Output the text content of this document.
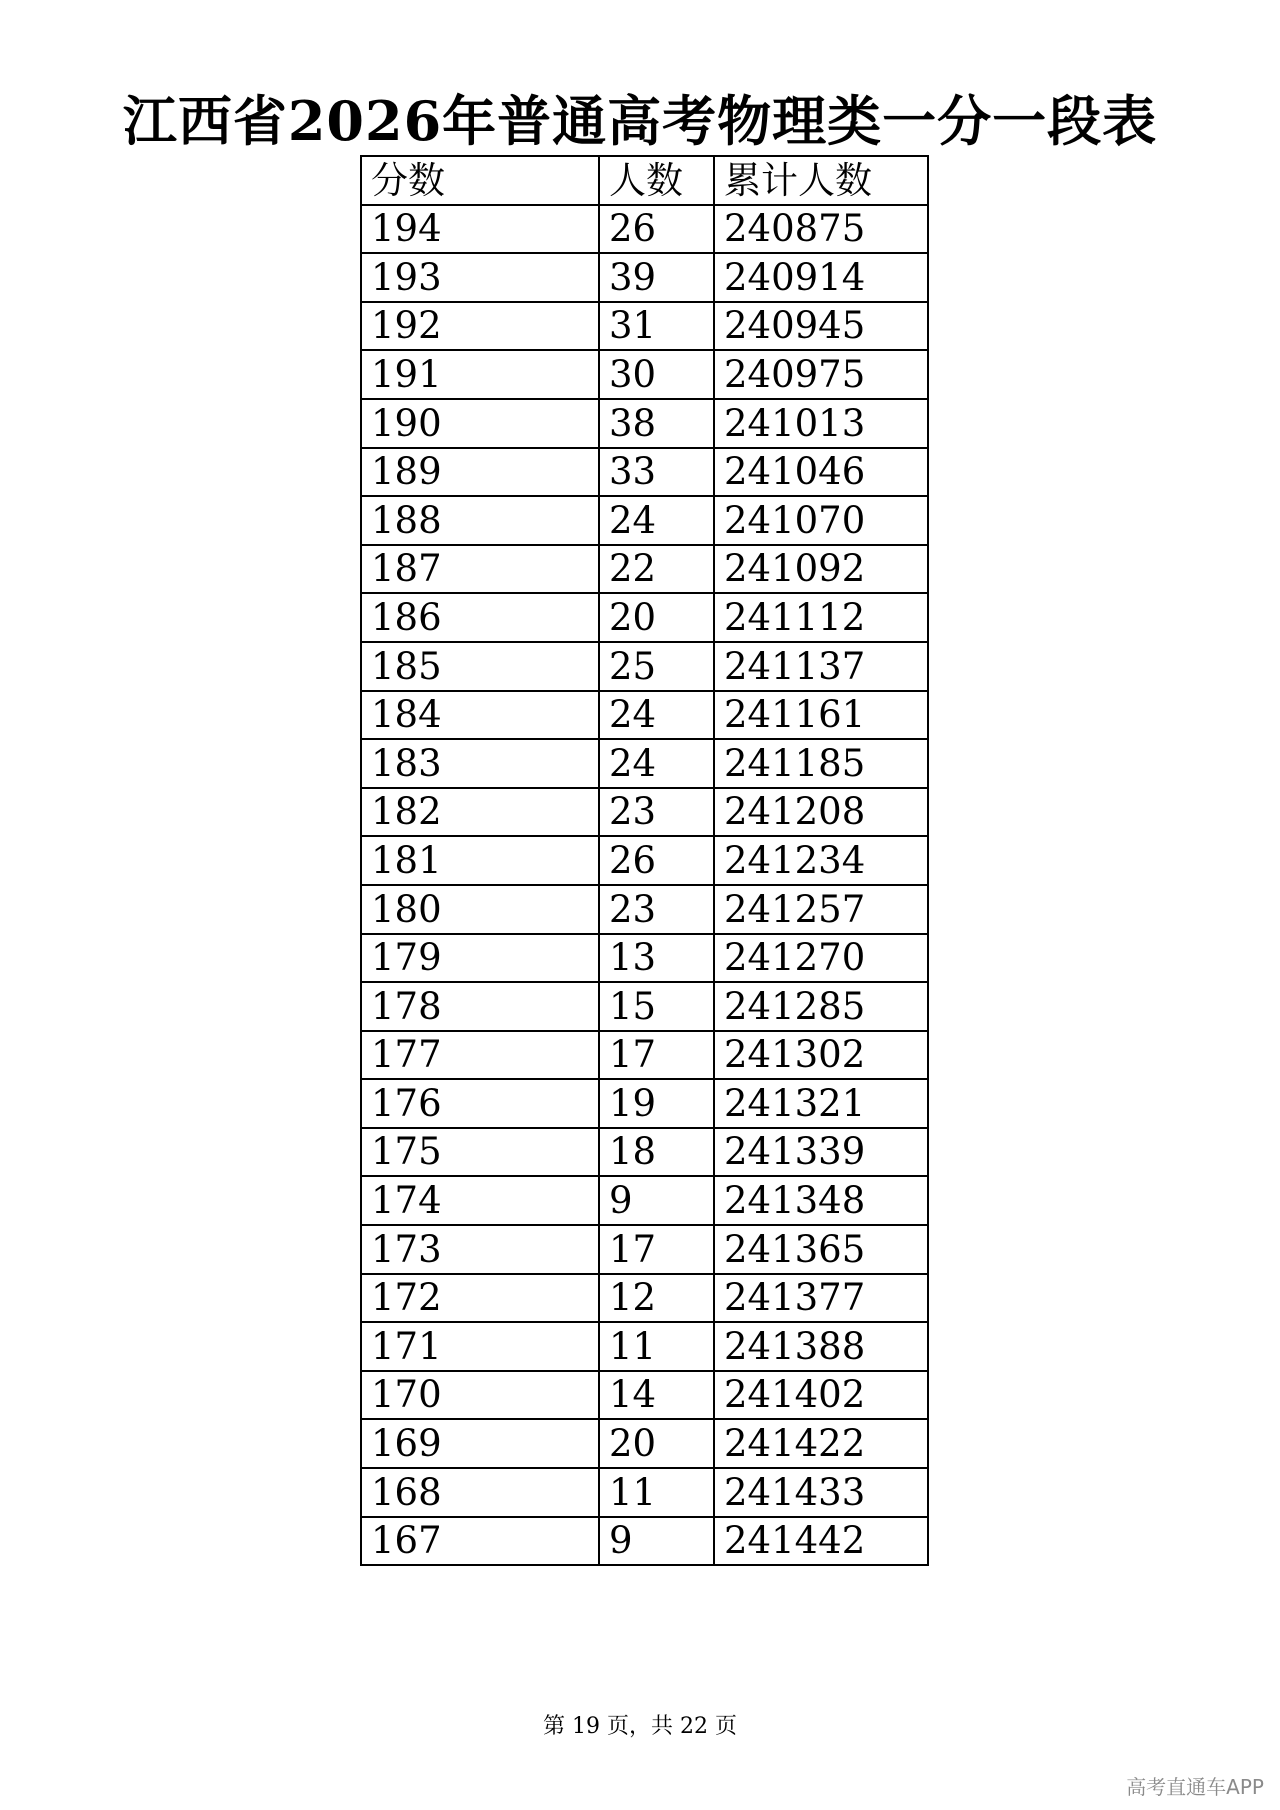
江西省2026年普通高考物理类一分一段表
分数	人数	累计人数
194	26	240875
193	39	240914
192	31	240945
191	30	240975
190	38	241013
189	33	241046
188	24	241070
187	22	241092
186	20	241112
185	25	241137
184	24	241161
183	24	241185
182	23	241208
181	26	241234
180	23	241257
179	13	241270
178	15	241285
177	17	241302
176	19	241321
175	18	241339
174	9	241348
173	17	241365
172	12	241377
171	11	241388
170	14	241402
169	20	241422
168	11	241433
167	9	241442
第 19 页，共 22 页
高考直通车APP
